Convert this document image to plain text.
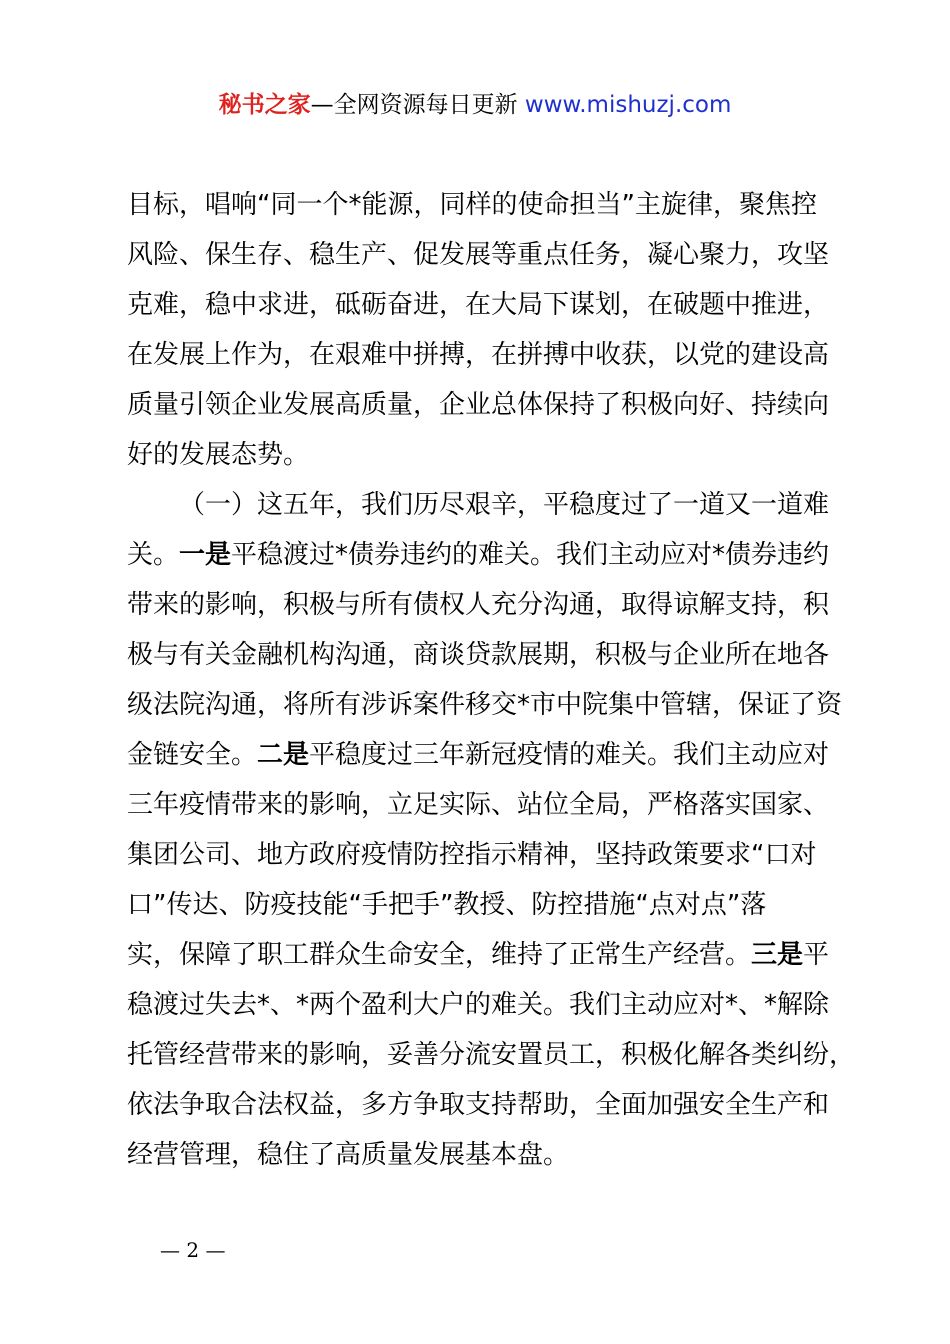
秘书之家—全网资源每日更新 www.mishuzj.com

目标，唱响“同一个*能源，同样的使命担当”主旋律，聚焦控
风险、保生存、稳生产、促发展等重点任务，凝心聚力，攻坚
克难，稳中求进，砥砺奋进，在大局下谋划，在破题中推进，
在发展上作为，在艰难中拼搏，在拼搏中收获，以党的建设高
质量引领企业发展高质量，企业总体保持了积极向好、持续向
好的发展态势。

（一）这五年，我们历尽艰辛，平稳度过了一道又一道难
关。一是平稳渡过*债券违约的难关。我们主动应对*债券违约
带来的影响，积极与所有债权人充分沟通，取得谅解支持，积
极与有关金融机构沟通，商谈贷款展期，积极与企业所在地各
级法院沟通，将所有涉诉案件移交*市中院集中管辖，保证了资
金链安全。二是平稳度过三年新冠疫情的难关。我们主动应对
三年疫情带来的影响，立足实际、站位全局，严格落实国家、
集团公司、地方政府疫情防控指示精神，坚持政策要求“口对
口”传达、防疫技能“手把手”教授、防控措施“点对点”落
实，保障了职工群众生命安全，维持了正常生产经营。三是平
稳渡过失去*、*两个盈利大户的难关。我们主动应对*、*解除
托管经营带来的影响，妥善分流安置员工，积极化解各类纠纷，
依法争取合法权益，多方争取支持帮助，全面加强安全生产和
经营管理，稳住了高质量发展基本盘。

— 2 —
